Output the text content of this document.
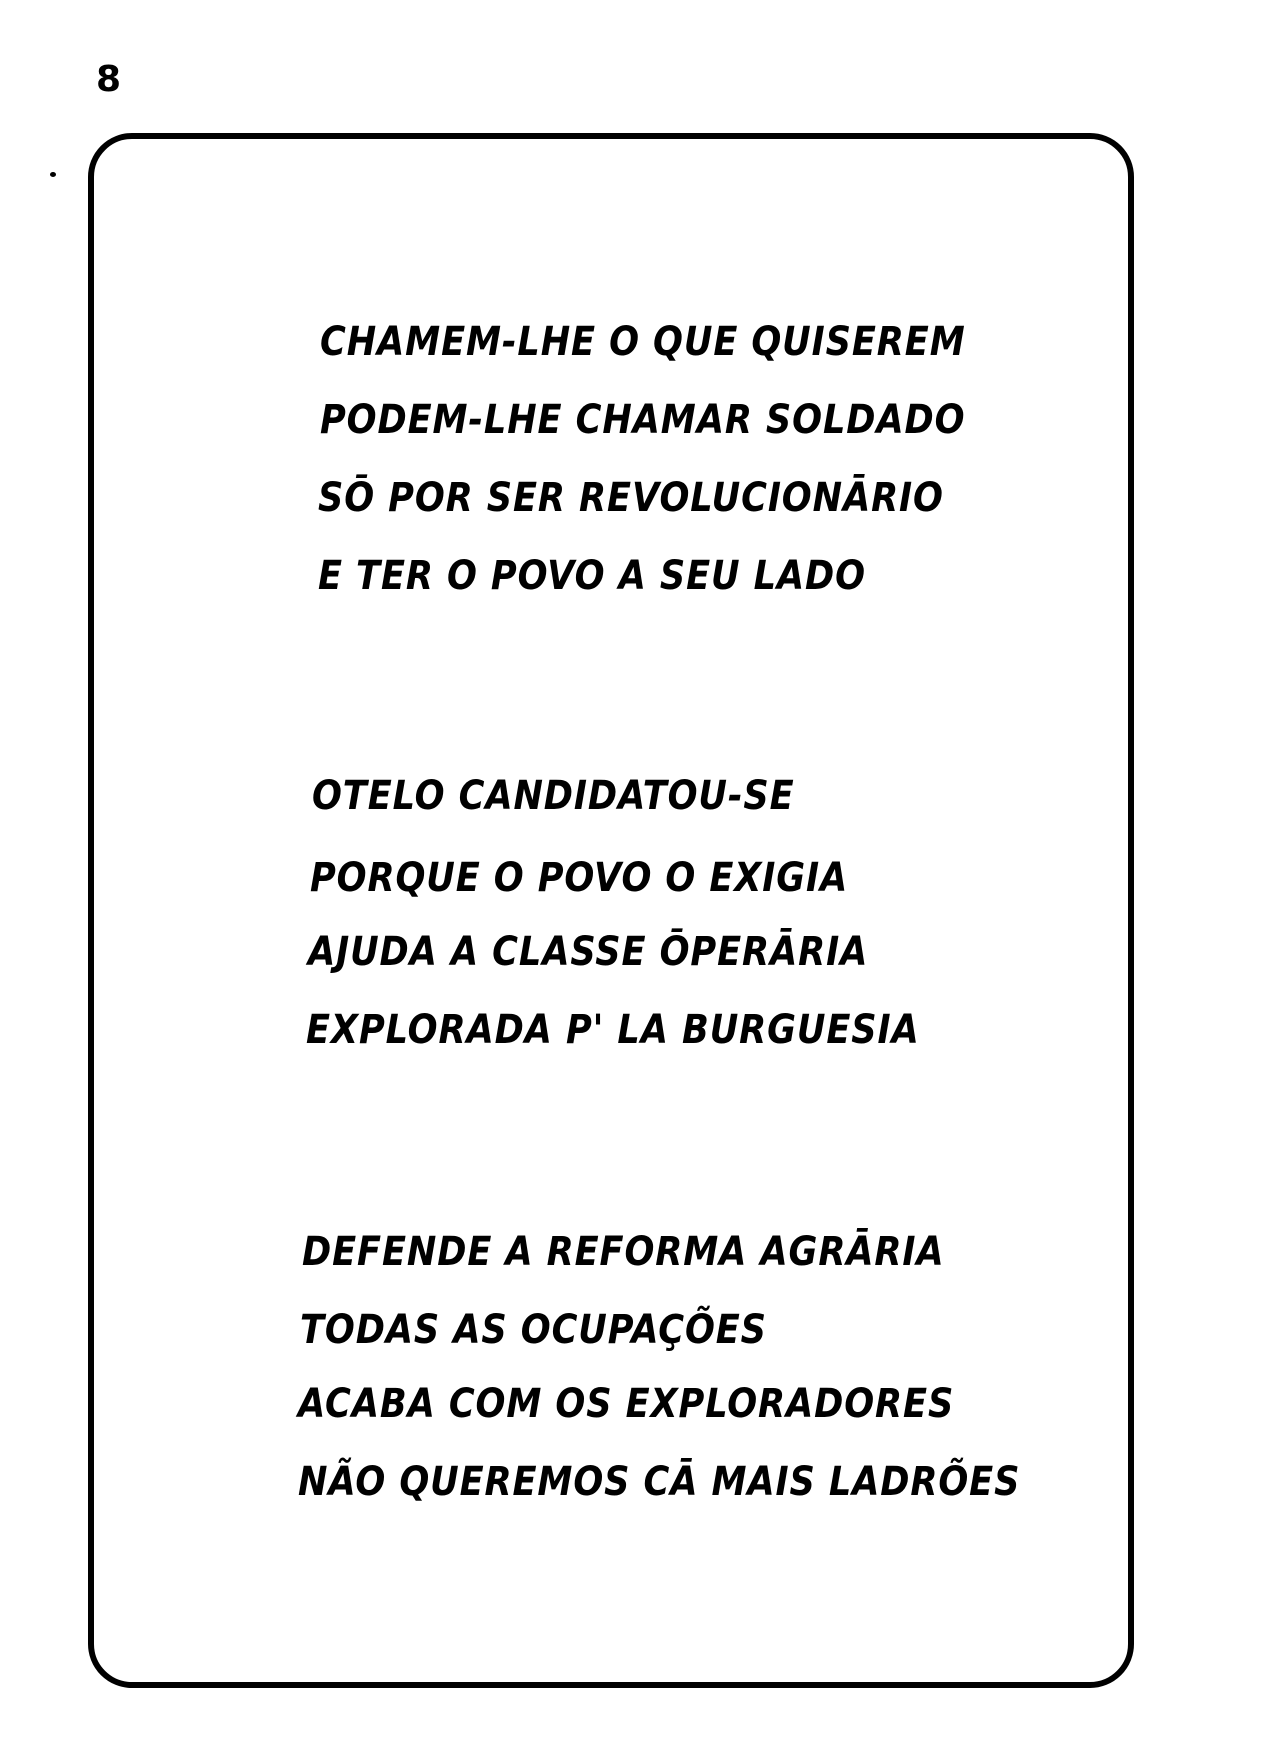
8
CHAMEM-LHE O QUE QUISEREM
PODEM-LHE CHAMAR SOLDADO
SŌ POR SER REVOLUCIONĀRIO
E TER O POVO A SEU LADO
OTELO CANDIDATOU-SE
PORQUE O POVO O EXIGIA
AJUDA A CLASSE ŌPERĀRIA
EXPLORADA P' LA BURGUESIA
DEFENDE A REFORMA AGRĀRIA
TODAS AS OCUPAÇÕES
ACABA COM OS EXPLORADORES
NÃO QUEREMOS CĀ MAIS LADRÕES
